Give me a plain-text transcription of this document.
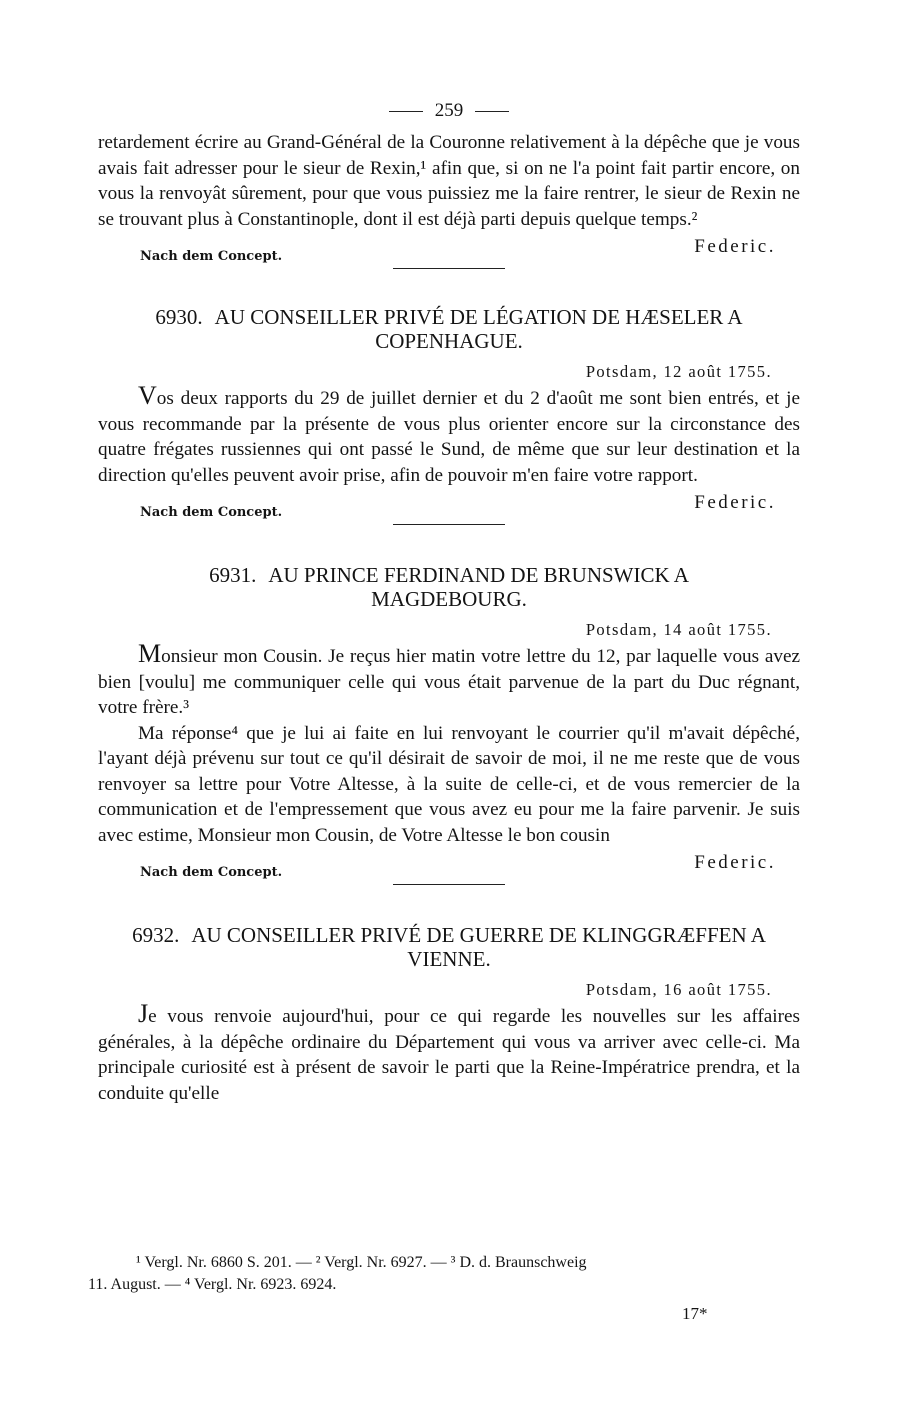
259

retardement écrire au Grand-Général de la Couronne relativement à la dépêche que je vous avais fait adresser pour le sieur de Rexin,¹ afin que, si on ne l'a point fait partir encore, on vous la renvoyât sûrement, pour que vous puissiez me la faire rentrer, le sieur de Rexin ne se trouvant plus à Constantinople, dont il est déjà parti depuis quelque temps.²

Nach dem Concept.	Federic.
6930. AU CONSEILLER PRIVÉ DE LÉGATION DE HÆSELER A COPENHAGUE.
Potsdam, 12 août 1755.

Vos deux rapports du 29 de juillet dernier et du 2 d'août me sont bien entrés, et je vous recommande par la présente de vous plus orienter encore sur la circonstance des quatre frégates russiennes qui ont passé le Sund, de même que sur leur destination et la direction qu'elles peuvent avoir prise, afin de pouvoir m'en faire votre rapport.

Nach dem Concept.	Federic.
6931. AU PRINCE FERDINAND DE BRUNSWICK A MAGDEBOURG.
Potsdam, 14 août 1755.

Monsieur mon Cousin. Je reçus hier matin votre lettre du 12, par laquelle vous avez bien [voulu] me communiquer celle qui vous était parvenue de la part du Duc régnant, votre frère.³

Ma réponse⁴ que je lui ai faite en lui renvoyant le courrier qu'il m'avait dépêché, l'ayant déjà prévenu sur tout ce qu'il désirait de savoir de moi, il ne me reste que de vous renvoyer sa lettre pour Votre Altesse, à la suite de celle-ci, et de vous remercier de la communication et de l'empressement que vous avez eu pour me la faire parvenir. Je suis avec estime, Monsieur mon Cousin, de Votre Altesse le bon cousin

Nach dem Concept.	Federic.
6932. AU CONSEILLER PRIVÉ DE GUERRE DE KLINGGRÆFFEN A VIENNE.
Potsdam, 16 août 1755.

Je vous renvoie aujourd'hui, pour ce qui regarde les nouvelles sur les affaires générales, à la dépêche ordinaire du Département qui vous va arriver avec celle-ci. Ma principale curiosité est à présent de savoir le parti que la Reine-Impératrice prendra, et la conduite qu'elle

¹ Vergl. Nr. 6860 S. 201. — ² Vergl. Nr. 6927. — ³ D. d. Braunschweig
11. August. — ⁴ Vergl. Nr. 6923. 6924.
17*
